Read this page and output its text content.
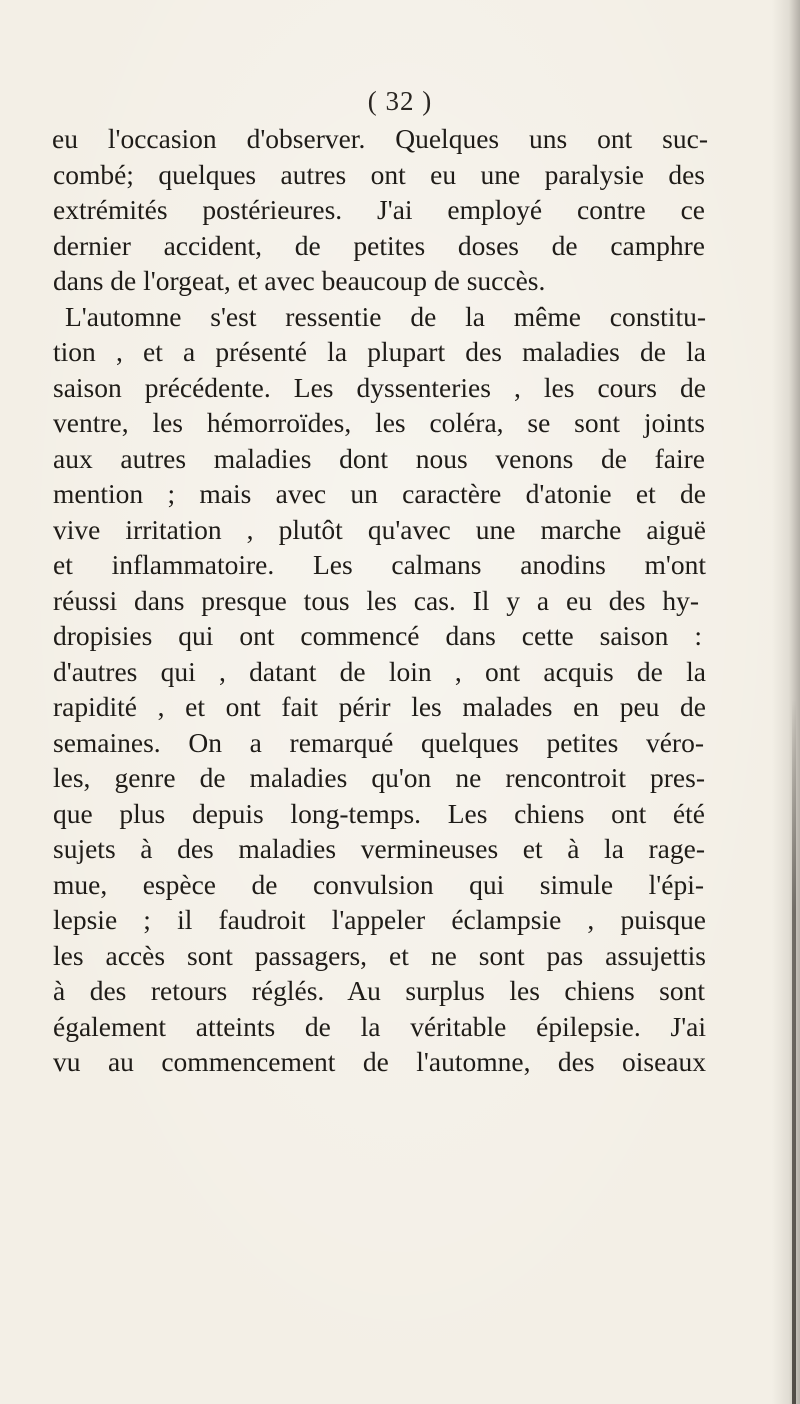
( 32 )
eu l'occasion d'observer. Quelques uns ont suc-
combé; quelques autres ont eu une paralysie des
extrémités postérieures. J'ai employé contre ce
dernier accident, de petites doses de camphre
dans de l'orgeat, et avec beaucoup de succès.
L'automne s'est ressentie de la même constitu-
tion , et a présenté la plupart des maladies de la
saison précédente. Les dyssenteries , les cours de
ventre, les hémorroïdes, les coléra, se sont joints
aux autres maladies dont nous venons de faire
mention ; mais avec un caractère d'atonie et de
vive irritation , plutôt qu'avec une marche aiguë
et inflammatoire. Les calmans anodins m'ont
réussi dans presque tous les cas. Il y a eu des hy-
dropisies qui ont commencé dans cette saison :
d'autres qui , datant de loin , ont acquis de la
rapidité , et ont fait périr les malades en peu de
semaines. On a remarqué quelques petites véro-
les, genre de maladies qu'on ne rencontroit pres-
que plus depuis long-temps. Les chiens ont été
sujets à des maladies vermineuses et à la rage-
mue, espèce de convulsion qui simule l'épi-
lepsie ; il faudroit l'appeler éclampsie , puisque
les accès sont passagers, et ne sont pas assujettis
à des retours réglés. Au surplus les chiens sont
également atteints de la véritable épilepsie. J'ai
vu au commencement de l'automne, des oiseaux
